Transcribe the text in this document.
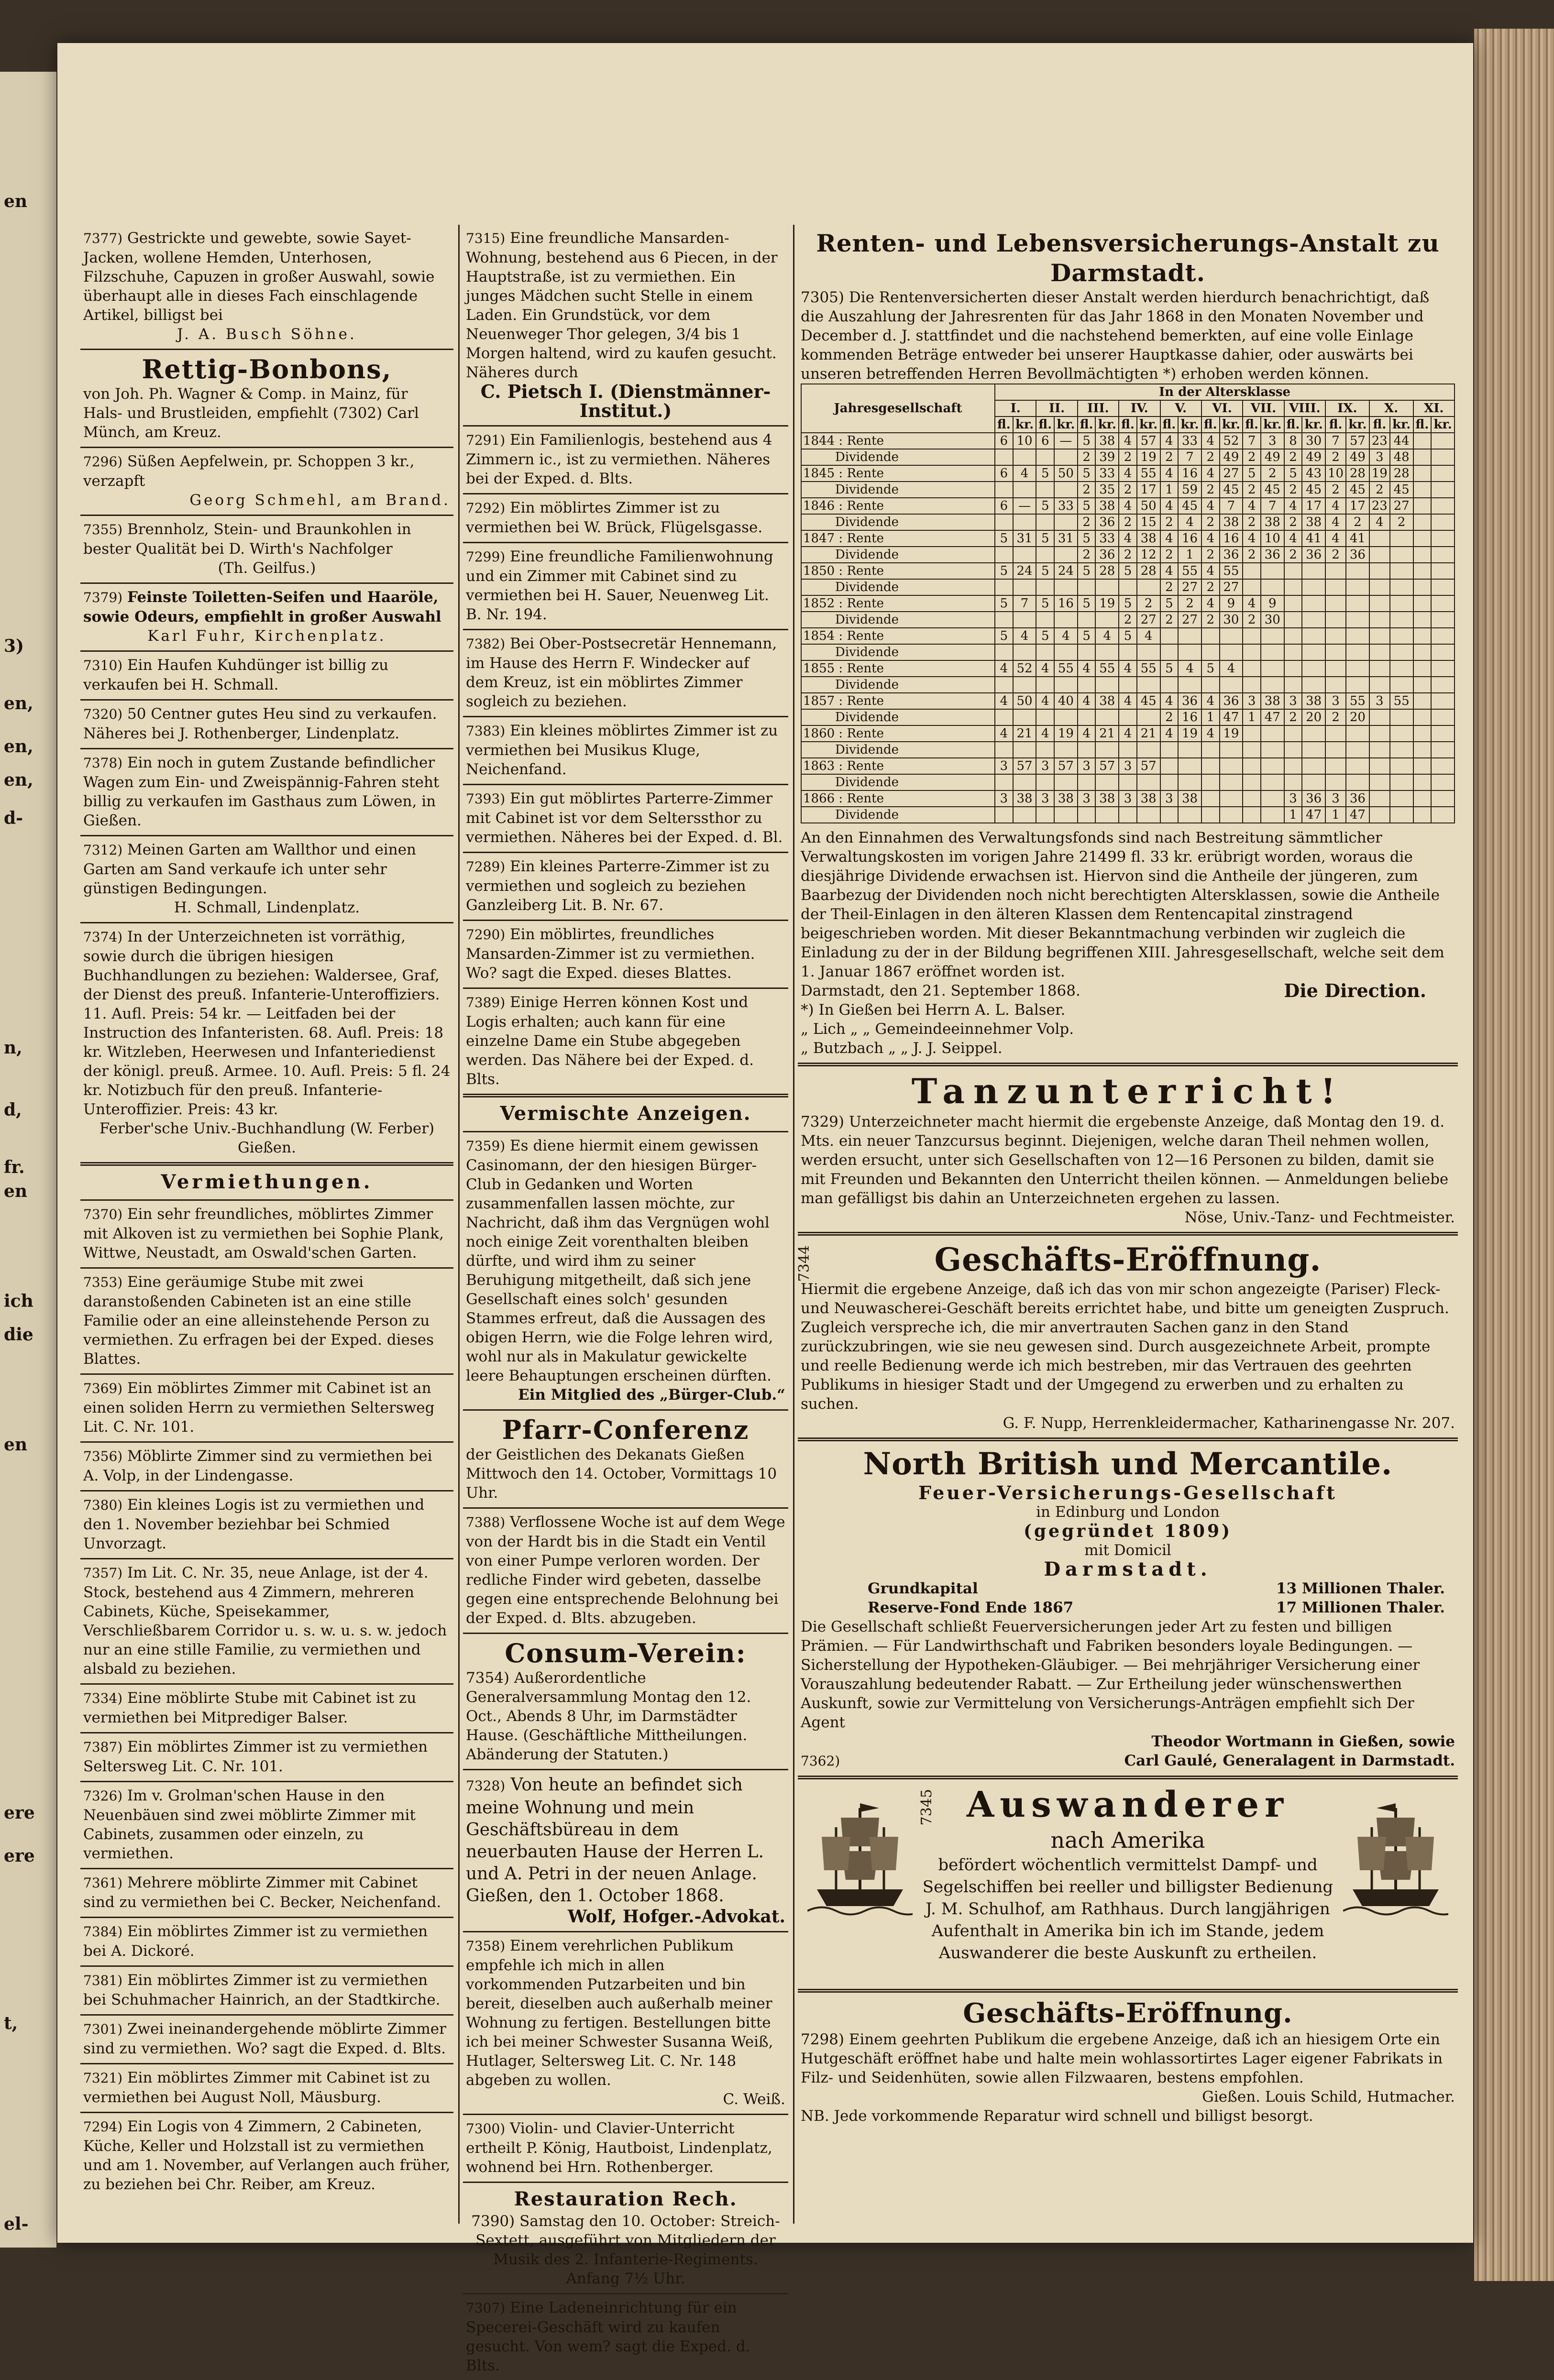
en
3)
en,
en,
en,
d-
n,
d,
fr.
en
ich
die
en
ere
ere
t,
el-

7377) Gestrickte und gewebte, sowie Sayet-Jacken, wollene Hemden, Unterhosen, Filzschuhe, Capuzen in großer Auswahl, sowie überhaupt alle in dieses Fach einschlagende Artikel, billigst bei

J. A. Busch Söhne.

Rettig-Bonbons,

von Joh. Ph. Wagner & Comp. in Mainz, für Hals- und Brustleiden, empfiehlt (7302) Carl Münch, am Kreuz.

7296) Süßen Aepfelwein, pr. Schoppen 3 kr., verzapft

Georg Schmehl, am Brand.

7355) Brennholz, Stein- und Braunkohlen in bester Qualität bei D. Wirth's Nachfolger

(Th. Geilfus.)

7379) Feinste Toiletten-Seifen und Haaröle, sowie Odeurs, empfiehlt in großer Auswahl

Karl Fuhr, Kirchenplatz.

7310) Ein Haufen Kuhdünger ist billig zu verkaufen bei H. Schmall.

7320) 50 Centner gutes Heu sind zu verkaufen. Näheres bei J. Rothenberger, Lindenplatz.

7378) Ein noch in gutem Zustande befindlicher Wagen zum Ein- und Zweispännig-Fahren steht billig zu verkaufen im Gasthaus zum Löwen, in Gießen.

7312) Meinen Garten am Wallthor und einen Garten am Sand verkaufe ich unter sehr günstigen Bedingungen.

H. Schmall, Lindenplatz.

7374) In der Unterzeichneten ist vorräthig, sowie durch die übrigen hiesigen Buchhandlungen zu beziehen: Waldersee, Graf, der Dienst des preuß. Infanterie-Unteroffiziers. 11. Aufl. Preis: 54 kr. — Leitfaden bei der Instruction des Infanteristen. 68. Aufl. Preis: 18 kr. Witzleben, Heerwesen und Infanteriedienst der königl. preuß. Armee. 10. Aufl. Preis: 5 fl. 24 kr. Notizbuch für den preuß. Infanterie-Unteroffizier. Preis: 43 kr.

Ferber'sche Univ.-Buchhandlung (W. Ferber) Gießen.

Vermiethungen.

7370) Ein sehr freundliches, möblirtes Zimmer mit Alkoven ist zu vermiethen bei Sophie Plank, Wittwe, Neustadt, am Oswald'schen Garten.

7353) Eine geräumige Stube mit zwei daranstoßenden Cabineten ist an eine stille Familie oder an eine alleinstehende Person zu vermiethen. Zu erfragen bei der Exped. dieses Blattes.

7369) Ein möblirtes Zimmer mit Cabinet ist an einen soliden Herrn zu vermiethen Seltersweg Lit. C. Nr. 101.

7356) Möblirte Zimmer sind zu vermiethen bei A. Volp, in der Lindengasse.

7380) Ein kleines Logis ist zu vermiethen und den 1. November beziehbar bei Schmied Unvorzagt.

7357) Im Lit. C. Nr. 35, neue Anlage, ist der 4. Stock, bestehend aus 4 Zimmern, mehreren Cabinets, Küche, Speisekammer, Verschließbarem Corridor u. s. w. u. s. w. jedoch nur an eine stille Familie, zu vermiethen und alsbald zu beziehen.

7334) Eine möblirte Stube mit Cabinet ist zu vermiethen bei Mitprediger Balser.

7387) Ein möblirtes Zimmer ist zu vermiethen Seltersweg Lit. C. Nr. 101.

7326) Im v. Grolman'schen Hause in den Neuenbäuen sind zwei möblirte Zimmer mit Cabinets, zusammen oder einzeln, zu vermiethen.

7361) Mehrere möblirte Zimmer mit Cabinet sind zu vermiethen bei C. Becker, Neichenfand.

7384) Ein möblirtes Zimmer ist zu vermiethen bei A. Dickoré.

7381) Ein möblirtes Zimmer ist zu vermiethen bei Schuhmacher Hainrich, an der Stadtkirche.

7301) Zwei ineinandergehende möblirte Zimmer sind zu vermiethen. Wo? sagt die Exped. d. Blts.

7321) Ein möblirtes Zimmer mit Cabinet ist zu vermiethen bei August Noll, Mäusburg.

7294) Ein Logis von 4 Zimmern, 2 Cabineten, Küche, Keller und Holzstall ist zu vermiethen und am 1. November, auf Verlangen auch früher, zu beziehen bei Chr. Reiber, am Kreuz.

7315) Eine freundliche Mansarden-Wohnung, bestehend aus 6 Piecen, in der Hauptstraße, ist zu vermiethen. Ein junges Mädchen sucht Stelle in einem Laden. Ein Grundstück, vor dem Neuenweger Thor gelegen, 3/4 bis 1 Morgen haltend, wird zu kaufen gesucht. Näheres durch

C. Pietsch I. (Dienstmänner-Institut.)

7291) Ein Familienlogis, bestehend aus 4 Zimmern ic., ist zu vermiethen. Näheres bei der Exped. d. Blts.

7292) Ein möblirtes Zimmer ist zu vermiethen bei W. Brück, Flügelsgasse.

7299) Eine freundliche Familienwohnung und ein Zimmer mit Cabinet sind zu vermiethen bei H. Sauer, Neuenweg Lit. B. Nr. 194.

7382) Bei Ober-Postsecretär Hennemann, im Hause des Herrn F. Windecker auf dem Kreuz, ist ein möblirtes Zimmer sogleich zu beziehen.

7383) Ein kleines möblirtes Zimmer ist zu vermiethen bei Musikus Kluge, Neichenfand.

7393) Ein gut möblirtes Parterre-Zimmer mit Cabinet ist vor dem Selterssthor zu vermiethen. Näheres bei der Exped. d. Bl.

7289) Ein kleines Parterre-Zimmer ist zu vermiethen und sogleich zu beziehen Ganzleiberg Lit. B. Nr. 67.

7290) Ein möblirtes, freundliches Mansarden-Zimmer ist zu vermiethen. Wo? sagt die Exped. dieses Blattes.

7389) Einige Herren können Kost und Logis erhalten; auch kann für eine einzelne Dame ein Stube abgegeben werden. Das Nähere bei der Exped. d. Blts.

Vermischte Anzeigen.

7359) Es diene hiermit einem gewissen Casinomann, der den hiesigen Bürger-Club in Gedanken und Worten zusammenfallen lassen möchte, zur Nachricht, daß ihm das Vergnügen wohl noch einige Zeit vorenthalten bleiben dürfte, und wird ihm zu seiner Beruhigung mitgetheilt, daß sich jene Gesellschaft eines solch' gesunden Stammes erfreut, daß die Aussagen des obigen Herrn, wie die Folge lehren wird, wohl nur als in Makulatur gewickelte leere Behauptungen erscheinen dürften.

Ein Mitglied des „Bürger-Club.“

Pfarr-Conferenz

der Geistlichen des Dekanats Gießen Mittwoch den 14. October, Vormittags 10 Uhr.

7388) Verflossene Woche ist auf dem Wege von der Hardt bis in die Stadt ein Ventil von einer Pumpe verloren worden. Der redliche Finder wird gebeten, dasselbe gegen eine entsprechende Belohnung bei der Exped. d. Blts. abzugeben.

Consum-Verein:

7354) Außerordentliche Generalversammlung Montag den 12. Oct., Abends 8 Uhr, im Darmstädter Hause. (Geschäftliche Mittheilungen. Abänderung der Statuten.)

7328) Von heute an befindet sich meine Wohnung und mein Geschäftsbüreau in dem neuerbauten Hause der Herren L. und A. Petri in der neuen Anlage. Gießen, den 1. October 1868.

Wolf, Hofger.-Advokat.

7358) Einem verehrlichen Publikum empfehle ich mich in allen vorkommenden Putzarbeiten und bin bereit, dieselben auch außerhalb meiner Wohnung zu fertigen. Bestellungen bitte ich bei meiner Schwester Susanna Weiß, Hutlager, Seltersweg Lit. C. Nr. 148 abgeben zu wollen.

C. Weiß.

7300) Violin- und Clavier-Unterricht ertheilt P. König, Hautboist, Lindenplatz, wohnend bei Hrn. Rothenberger.

Restauration Rech.

7390) Samstag den 10. October: Streich-Sextett, ausgeführt von Mitgliedern der Musik des 2. Infanterie-Regiments. Anfang 7½ Uhr.

7307) Eine Ladeneinrichtung für ein Specerei-Geschäft wird zu kaufen gesucht. Von wem? sagt die Exped. d. Blts.

Renten- und Lebensversicherungs-Anstalt zu Darmstadt.

7305) Die Rentenversicherten dieser Anstalt werden hierdurch benachrichtigt, daß die Auszahlung der Jahresrenten für das Jahr 1868 in den Monaten November und December d. J. stattfindet und die nachstehend bemerkten, auf eine volle Einlage kommenden Beträge entweder bei unserer Hauptkasse dahier, oder auswärts bei unseren betreffenden Herren Bevollmächtigten *) erhoben werden können.

Jahresgesellschaft	In der Altersklasse																					
	I.		II.		III.		IV.		V.		VI.		VII.		VIII.		IX.		X.		XI.	
	fl.	kr.	fl.	kr.	fl.	kr.	fl.	kr.	fl.	kr.	fl.	kr.	fl.	kr.	fl.	kr.	fl.	kr.	fl.	kr.	fl.	kr.
1844 : Rente	6	10	6	—	5	38	4	57	4	33	4	52	7	3	8	30	7	57	23	44		
Dividende					2	39	2	19	2	7	2	49	2	49	2	49	2	49	3	48		
1845 : Rente	6	4	5	50	5	33	4	55	4	16	4	27	5	2	5	43	10	28	19	28		
Dividende					2	35	2	17	1	59	2	45	2	45	2	45	2	45	2	45		
1846 : Rente	6	—	5	33	5	38	4	50	4	45	4	7	4	7	4	17	4	17	23	27		
Dividende					2	36	2	15	2	4	2	38	2	38	2	38	4	2	4	2		
1847 : Rente	5	31	5	31	5	33	4	38	4	16	4	16	4	10	4	41	4	41				
Dividende					2	36	2	12	2	1	2	36	2	36	2	36	2	36				
1850 : Rente	5	24	5	24	5	28	5	28	4	55	4	55										
Dividende									2	27	2	27										
1852 : Rente	5	7	5	16	5	19	5	2	5	2	4	9	4	9								
Dividende							2	27	2	27	2	30	2	30								
1854 : Rente	5	4	5	4	5	4	5	4														
Dividende																						
1855 : Rente	4	52	4	55	4	55	4	55	5	4	5	4										
Dividende																						
1857 : Rente	4	50	4	40	4	38	4	45	4	36	4	36	3	38	3	38	3	55	3	55		
Dividende									2	16	1	47	1	47	2	20	2	20				
1860 : Rente	4	21	4	19	4	21	4	21	4	19	4	19										
Dividende																						
1863 : Rente	3	57	3	57	3	57	3	57														
Dividende																						
1866 : Rente	3	38	3	38	3	38	3	38	3	38					3	36	3	36				
Dividende															1	47	1	47				

An den Einnahmen des Verwaltungsfonds sind nach Bestreitung sämmtlicher Verwaltungskosten im vorigen Jahre 21499 fl. 33 kr. erübrigt worden, woraus die diesjährige Dividende erwachsen ist. Hiervon sind die Antheile der jüngeren, zum Baarbezug der Dividenden noch nicht berechtigten Altersklassen, sowie die Antheile der Theil-Einlagen in den älteren Klassen dem Rentencapital zinstragend beigeschrieben worden. Mit dieser Bekanntmachung verbinden wir zugleich die Einladung zu der in der Bildung begriffenen XIII. Jahresgesellschaft, welche seit dem 1. Januar 1867 eröffnet worden ist.

Darmstadt, den 21. September 1868.	Die Direction.

*) In Gießen bei Herrn A. L. Balser.

„ Lich „ „ Gemeindeeinnehmer Volp.

„ Butzbach „ „ J. J. Seippel.

Tanzunterricht!

7329) Unterzeichneter macht hiermit die ergebenste Anzeige, daß Montag den 19. d. Mts. ein neuer Tanzcursus beginnt. Diejenigen, welche daran Theil nehmen wollen, werden ersucht, unter sich Gesellschaften von 12—16 Personen zu bilden, damit sie mit Freunden und Bekannten den Unterricht theilen können. — Anmeldungen beliebe man gefälligst bis dahin an Unterzeichneten ergehen zu lassen.

Nöse, Univ.-Tanz- und Fechtmeister.

7344	Geschäfts-Eröffnung.

Hiermit die ergebene Anzeige, daß ich das von mir schon angezeigte (Pariser) Fleck- und Neuwascherei-Geschäft bereits errichtet habe, und bitte um geneigten Zuspruch. Zugleich verspreche ich, die mir anvertrauten Sachen ganz in den Stand zurückzubringen, wie sie neu gewesen sind. Durch ausgezeichnete Arbeit, prompte und reelle Bedienung werde ich mich bestreben, mir das Vertrauen des geehrten Publikums in hiesiger Stadt und der Umgegend zu erwerben und zu erhalten zu suchen.

G. F. Nupp, Herrenkleidermacher, Katharinengasse Nr. 207.

North British und Mercantile.

Feuer-Versicherungs-Gesellschaft

in Edinburg und London

(gegründet 1809)

mit Domicil

Darmstadt.

Grundkapital	13 Millionen Thaler.

Reserve-Fond Ende 1867	17 Millionen Thaler.

Die Gesellschaft schließt Feuerversicherungen jeder Art zu festen und billigen Prämien. — Für Landwirthschaft und Fabriken besonders loyale Bedingungen. — Sicherstellung der Hypotheken-Gläubiger. — Bei mehrjähriger Versicherung einer Vorauszahlung bedeutender Rabatt. — Zur Ertheilung jeder wünschenswerthen Auskunft, sowie zur Vermittelung von Versicherungs-Anträgen empfiehlt sich Der Agent

Theodor Wortmann in Gießen, sowie

7362)	Carl Gaulé, Generalagent in Darmstadt.

7345 Auswanderer

nach Amerika

befördert wöchentlich vermittelst Dampf- und Segelschiffen bei reeller und billigster Bedienung J. M. Schulhof, am Rathhaus. Durch langjährigen Aufenthalt in Amerika bin ich im Stande, jedem Auswanderer die beste Auskunft zu ertheilen.

Geschäfts-Eröffnung.

7298) Einem geehrten Publikum die ergebene Anzeige, daß ich an hiesigem Orte ein Hutgeschäft eröffnet habe und halte mein wohlassortirtes Lager eigener Fabrikats in Filz- und Seidenhüten, sowie allen Filzwaaren, bestens empfohlen.

Gießen. Louis Schild, Hutmacher.

NB. Jede vorkommende Reparatur wird schnell und billigst besorgt.
